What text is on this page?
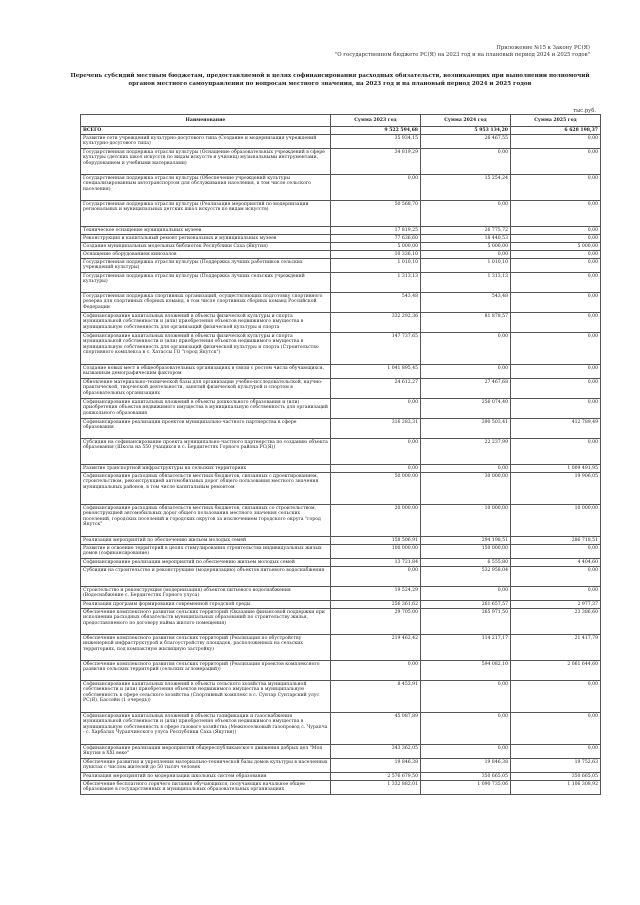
Приложение №15 к Закону РС(Я)
"О государственном бюджете РС(Я) на 2023 год и на плановый период 2024 и 2025 годов"
Перечень субсидий местным бюджетам, предоставляемой в целях софинансирования расходных обязательств, возникающих при выполнении полномочий органов местного самоуправления по вопросам местного значения, на 2023 год и на плановый период 2024 и 2025 годов
тыс.руб.
Наименование	Сумма 2023 год	Сумма 2024 год	Сумма 2025 год
ВСЕГО	9 522 594,68	5 953 134,20	6 628 198,37
Развитие сети учреждений культурно-досугового типа (Создание и модернизация учреждений культурно-досугового типа)	35 934,15	26 467,55	0,00
Государственная поддержка отрасли культуры (Оснащение образовательных учреждений в сфере культуры (детских школ искусств по видам искусств и училищ) музыкальными инструментами, оборудованием и учебными материалами)	34 819,29	0,00	0,00
Государственная поддержка отрасли культуры (Обеспечение учреждений культуры специализированным автотранспортом для обслуживания населения, в том числе сельского населения)	0,00	15 254,24	0,00
Государственная поддержка отрасли культуры (Реализация мероприятий по модернизации региональных и муниципальных детских школ искусств по видам искусств)	50 568,70	0,00	0,00
Техническое оснащение муниципальных музеев	17 819,25	26 775,72	0,00
Реконструкция и капитальный ремонт региональных и муниципальных музеев	77 636,60	18 440,53	0,00
Создание муниципальных модельных библиотек Республики Саха (Якутия)	5 000,00	5 000,00	5 000,00
Оснащение оборудованием кинозалов	10 336,10	0,00	0,00
Государственная поддержка отрасли культуры (Поддержка лучших работников сельских учреждений культуры)	1 010,10	1 010,10	0,00
Государственная поддержка отрасли культуры (Поддержка лучших сельских учреждений культуры)	1 313,13	1 313,13	0,00
Государственная поддержка спортивных организаций, осуществляющих подготовку спортивного резерва для спортивных сборных команд, в том числе спортивных сборных команд Российской Федерации	543,48	543,48	0,00
Софинансирование капитальных вложений в объекты физической культуры и спорта муниципальной собственности и (или) приобретения объектов недвижимого имущества в муниципальную собственность для организаций физической культуры и спорта	332 292,36	81 878,57	0,00
Софинансирование капитальных вложений в объекты физической культуры и спорта муниципальной собственности и (или) приобретения объектов недвижимого имущества в муниципальную собственность для организаций физической культуры и спорта (Строительство спортивного комплекса в с. Хатассы ГО "город Якутск")	147 737,65	0,00	0,00
Создание новых мест в общеобразовательных организациях в связи с ростом числа обучающихся, вызванным демографическим фактором	1 041 895,45	0,00	0,00
Обновление материально-технической базы для организации учебно-исследовательской, научно-практической, творческой деятельности, занятий физической культурой и спортом в образовательных организациях	24 612,27	27 467,68	0,00
Софинансирование капитальных вложений в объекты дошкольного образования и (или) приобретения объектов недвижимого имущества в муниципальную собственность для организаций дошкольного образования	0,00	256 074,40	0,00
Софинансирование реализации проектов муниципально-частного партнерства в сфере образования	316 283,31	390 503,41	412 789,49
Субсидия на софинансирование проекта муниципально-частного партнерства по созданию объекта образования (Школа на 550 учащихся в с. Бердигестях Горного района РС(Я))	0,00	22 237,99	0,00
Развитие транспортной инфраструктуры на сельских территориях	0,00	0,00	1 009 491,95
Софинансирование расходных обязательств местных бюджетов, связанных с проектированием, строительством, реконструкцией автомобильных дорог общего пользования местного значения муниципальных районов, в том числе капитальным ремонтом	50 000,00	30 000,00	19 906,05
Софинансирование расходных обязательств местных бюджетов, связанных со строительством, реконструкцией автомобильных дорог общего пользования местного значения сельских поселений, городских поселений и городских округов за исключением городского округа "город Якутск"	20 000,00	10 000,00	10 000,00
Реализация мероприятий по обеспечению жильем молодых семей	158 506,91	294 198,51	286 718,51
Развитие и освоение территорий в целях стимулирования строительства индивидуальных жилых домов (софинансирование)	100 000,00	150 000,00	0,00
Софинансирование реализации мероприятий по обеспечению жильем молодых семей	13 721,84	6 555,80	4 404,60
Субсидии на строительство и реконструкцию (модернизацию) объектов питьевого водоснабжения	0,00	532 958,04	0,00
Строительство и реконструкция (модернизация) объектов питьевого водоснабжения (Водоснабжение с. Бердигестях Горного улуса)	19 524,29	0,00	0,00
Реализация программ формирования современной городской среды	256 361,62	261 657,57	2 977,37
Обеспечение комплексного развития сельских территорий (Оказание финансовой поддержки при исполнении расходных обязательств муниципальных образований по строительству жилья, предоставляемого по договору найма жилого помещения)	29 705,00	365 971,50	23 386,60
Обеспечение комплексного развития сельских территорий (Реализация по обустройству инженерной инфраструктурой и благоустройству площадок, расположенных на сельских территориях, под компактную жилищную застройку)	219 462,42	114 217,17	21 417,79
Обеспечение комплексного развития сельских территорий (Реализация проектов комплексного развития сельских территорий (сельских агломераций))	0,00	594 082,10	2 061 644,60
Софинансирование капитальных вложений в объекты сельского хозяйства муниципальной собственности и (или) приобретения объектов недвижимого имущества в муниципальную собственность в сфере сельского хозяйства (Спортивный комплекс в с. Сунтар Сунтарский улус РС(Я), Бассейн (1 очередь))	8 453,91	0,00	0,00
Софинансирование капитальных вложений в объекты газификации и газоснабжения муниципальной собственности и (или) приобретения объектов недвижимого имущества в муниципальную собственность в сфере газового хозяйства (Межпоселковый газопровод с. Чурапча - с. Харбалах Чурапчинского улуса Республики Саха (Якутия))	45 087,89	0,00	0,00
Софинансирование реализации мероприятий общереспубликанского движения добрых дел "Моя Якутия в XXI веке"	343 362,05	0,00	0,00
Обеспечение развития и укрепления материально-технической базы домов культуры в населенных пунктах с числом жителей до 50 тысяч человек	19 846,38	19 846,38	19 752,63
Реализация мероприятий по модернизации школьных систем образования	2 576 679,50	350 665,05	350 665,05
Обеспечение бесплатного горячего питания обучающихся, получающих начальное общее образование в государственных и муниципальных образовательных организациях	1 332 882,01	1 090 735,06	1 106 308,92
